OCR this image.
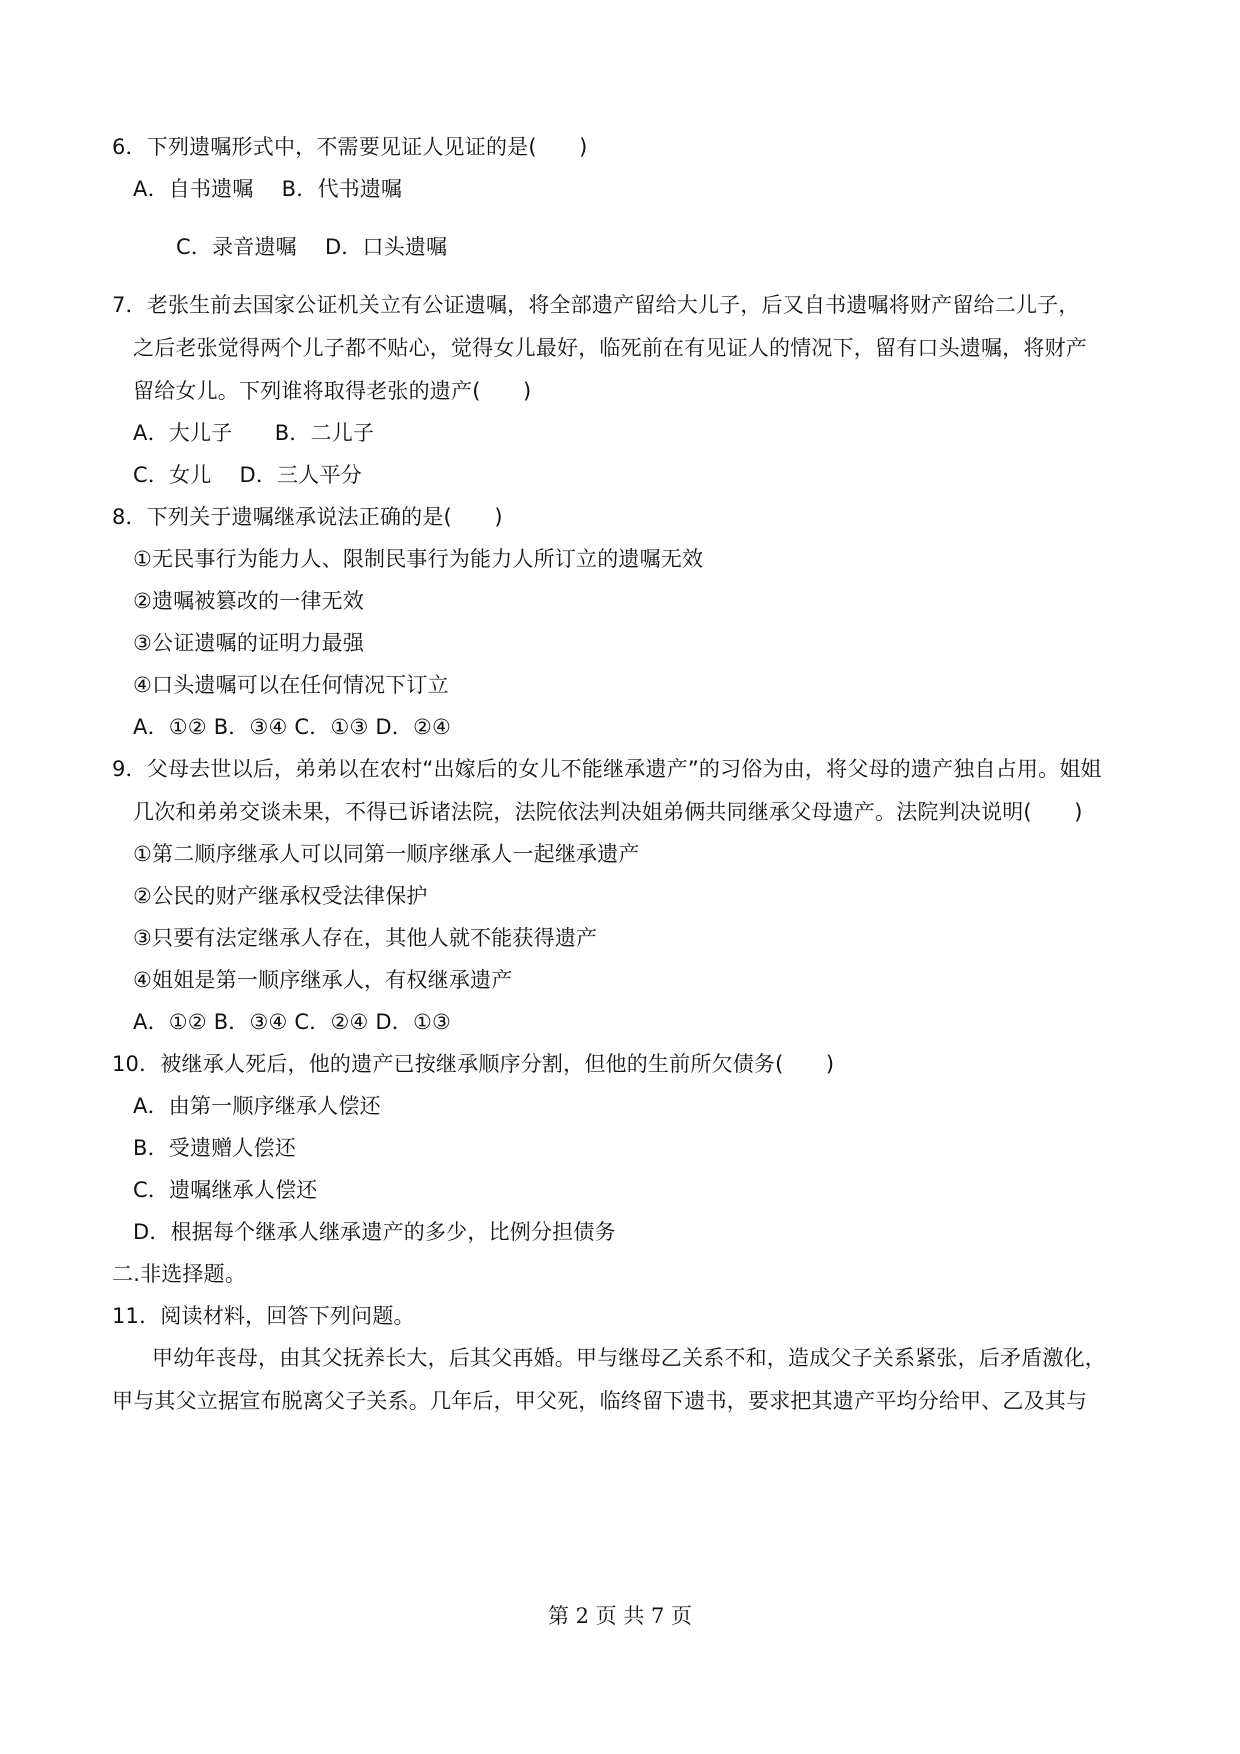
6．下列遗嘱形式中，不需要见证人见证的是(　　)
A．自书遗嘱　 B．代书遗嘱
C．录音遗嘱　 D．口头遗嘱
7．老张生前去国家公证机关立有公证遗嘱，将全部遗产留给大儿子，后又自书遗嘱将财产留给二儿子，
之后老张觉得两个儿子都不贴心，觉得女儿最好，临死前在有见证人的情况下，留有口头遗嘱，将财产
留给女儿。下列谁将取得老张的遗产(　　)
A．大儿子　　B．二儿子
C．女儿　 D．三人平分
8．下列关于遗嘱继承说法正确的是(　　)
①无民事行为能力人、限制民事行为能力人所订立的遗嘱无效
②遗嘱被篡改的一律无效
③公证遗嘱的证明力最强
④口头遗嘱可以在任何情况下订立
A．①② B．③④ C．①③ D．②④
9．父母去世以后，弟弟以在农村“出嫁后的女儿不能继承遗产”的习俗为由，将父母的遗产独自占用。姐姐
几次和弟弟交谈未果，不得已诉诸法院，法院依法判决姐弟俩共同继承父母遗产。法院判决说明(　　)
①第二顺序继承人可以同第一顺序继承人一起继承遗产
②公民的财产继承权受法律保护
③只要有法定继承人存在，其他人就不能获得遗产
④姐姐是第一顺序继承人，有权继承遗产
A．①② B．③④ C．②④ D．①③
10．被继承人死后，他的遗产已按继承顺序分割，但他的生前所欠债务(　　)
A．由第一顺序继承人偿还
B．受遗赠人偿还
C．遗嘱继承人偿还
D．根据每个继承人继承遗产的多少，比例分担债务
二.非选择题。
11．阅读材料，回答下列问题。
甲幼年丧母，由其父抚养长大，后其父再婚。甲与继母乙关系不和，造成父子关系紧张，后矛盾激化，
甲与其父立据宣布脱离父子关系。几年后，甲父死，临终留下遗书，要求把其遗产平均分给甲、乙及其与
第 2 页 共 7 页
